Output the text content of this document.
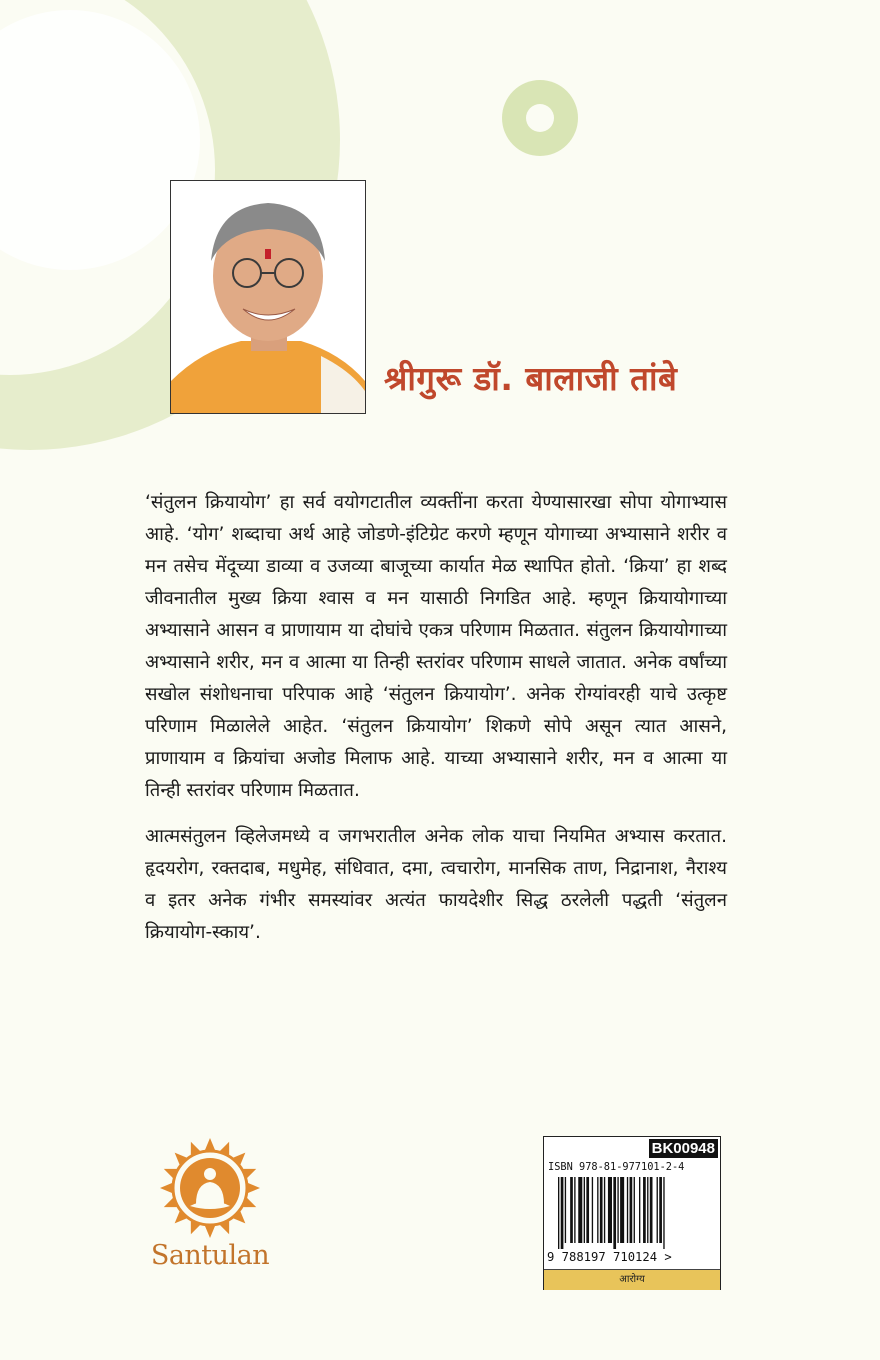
श्रीगुरू डॉ. बालाजी तांबे

‘संतुलन क्रियायोग’ हा सर्व वयोगटातील व्यक्तींना करता येण्यासारखा सोपा योगाभ्यास आहे. ‘योग’ शब्दाचा अर्थ आहे जोडणे-इंटिग्रेट करणे म्हणून योगाच्या अभ्यासाने शरीर व मन तसेच मेंदूच्या डाव्या व उजव्या बाजूच्या कार्यात मेळ स्थापित होतो. ‘क्रिया’ हा शब्द जीवनातील मुख्य क्रिया श्वास व मन यासाठी निगडित आहे. म्हणून क्रियायोगाच्या अभ्यासाने आसन व प्राणायाम या दोघांचे एकत्र परिणाम मिळतात. संतुलन क्रियायोगाच्या अभ्यासाने शरीर, मन व आत्मा या तिन्ही स्तरांवर परिणाम साधले जातात. अनेक वर्षांच्या सखोल संशोधनाचा परिपाक आहे ‘संतुलन क्रियायोग’. अनेक रोग्यांवरही याचे उत्कृष्ट परिणाम मिळालेले आहेत. ‘संतुलन क्रियायोग’ शिकणे सोपे असून त्यात आसने, प्राणायाम व क्रियांचा अजोड मिलाफ आहे. याच्या अभ्यासाने शरीर, मन व आत्मा या तिन्ही स्तरांवर परिणाम मिळतात.

आत्मसंतुलन व्हिलेजमध्ये व जगभरातील अनेक लोक याचा नियमित अभ्यास करतात. हृदयरोग, रक्तदाब, मधुमेह, संधिवात, दमा, त्वचारोग, मानसिक ताण, निद्रानाश, नैराश्य व इतर अनेक गंभीर समस्यांवर अत्यंत फायदेशीर सिद्ध ठरलेली पद्धती ‘संतुलन क्रियायोग-स्काय’.

Santulan
BK00948
ISBN 978-81-977101-2-4
9 788197 710124 >
आरोग्य
